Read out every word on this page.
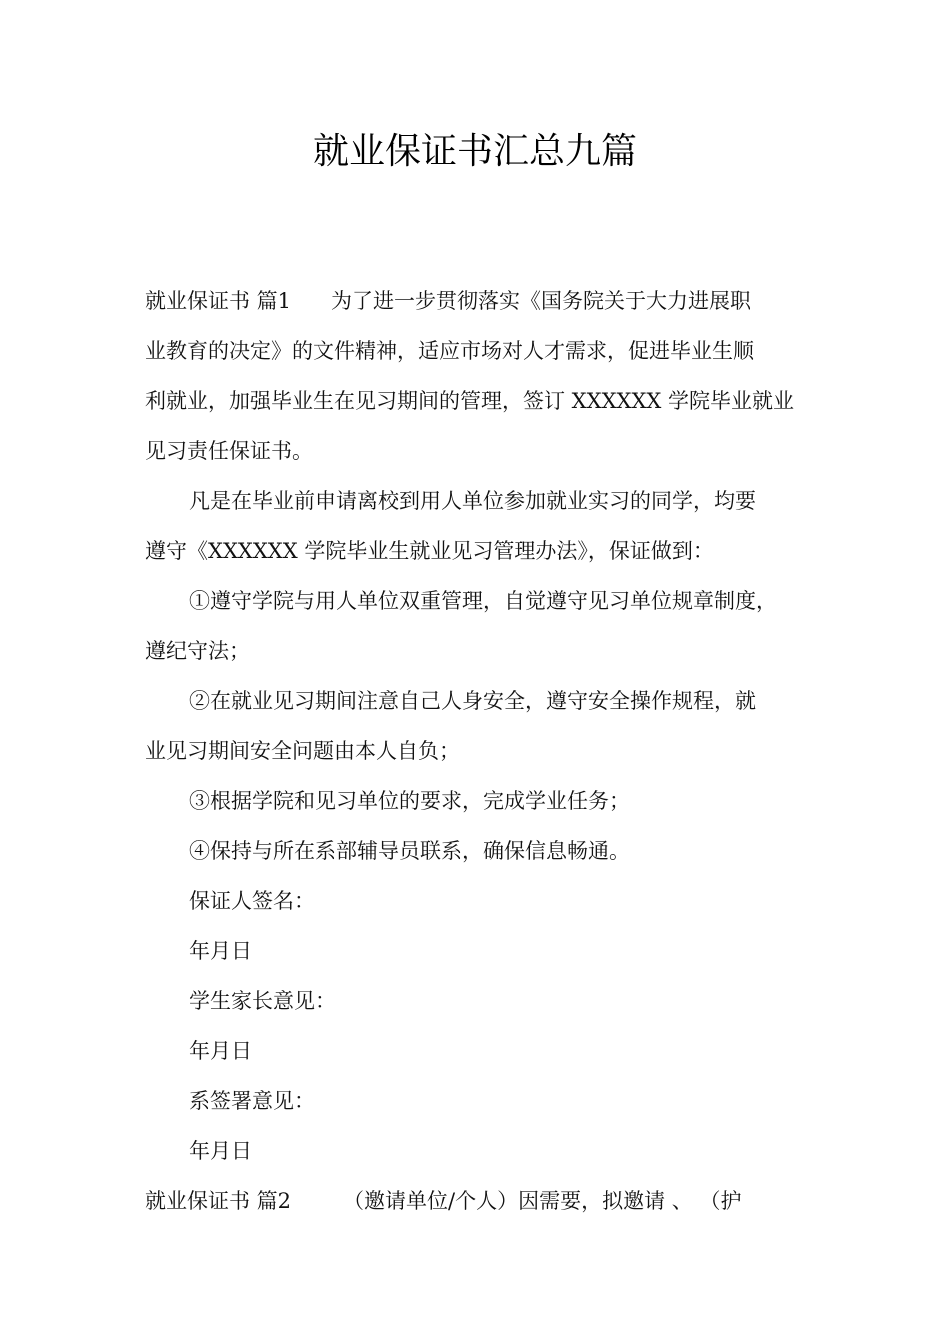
就业保证书汇总九篇
就业保证书 篇1 为了进一步贯彻落实《国务院关于大力进展职
业教育的决定》的文件精神，适应市场对人才需求，促进毕业生顺
利就业，加强毕业生在见习期间的管理，签订 XXXXXX 学院毕业就业
见习责任保证书。
凡是在毕业前申请离校到用人单位参加就业实习的同学，均要
遵守《XXXXXX 学院毕业生就业见习管理办法》，保证做到：
①遵守学院与用人单位双重管理，自觉遵守见习单位规章制度，
遵纪守法；
②在就业见习期间注意自己人身安全，遵守安全操作规程，就
业见习期间安全问题由本人自负；
③根据学院和见习单位的要求，完成学业任务；
④保持与所在系部辅导员联系，确保信息畅通。
保证人签名：
年月日
学生家长意见：
年月日
系签署意见：
年月日
就业保证书 篇2 （邀请单位/个人）因需要，拟邀请 、 （护
